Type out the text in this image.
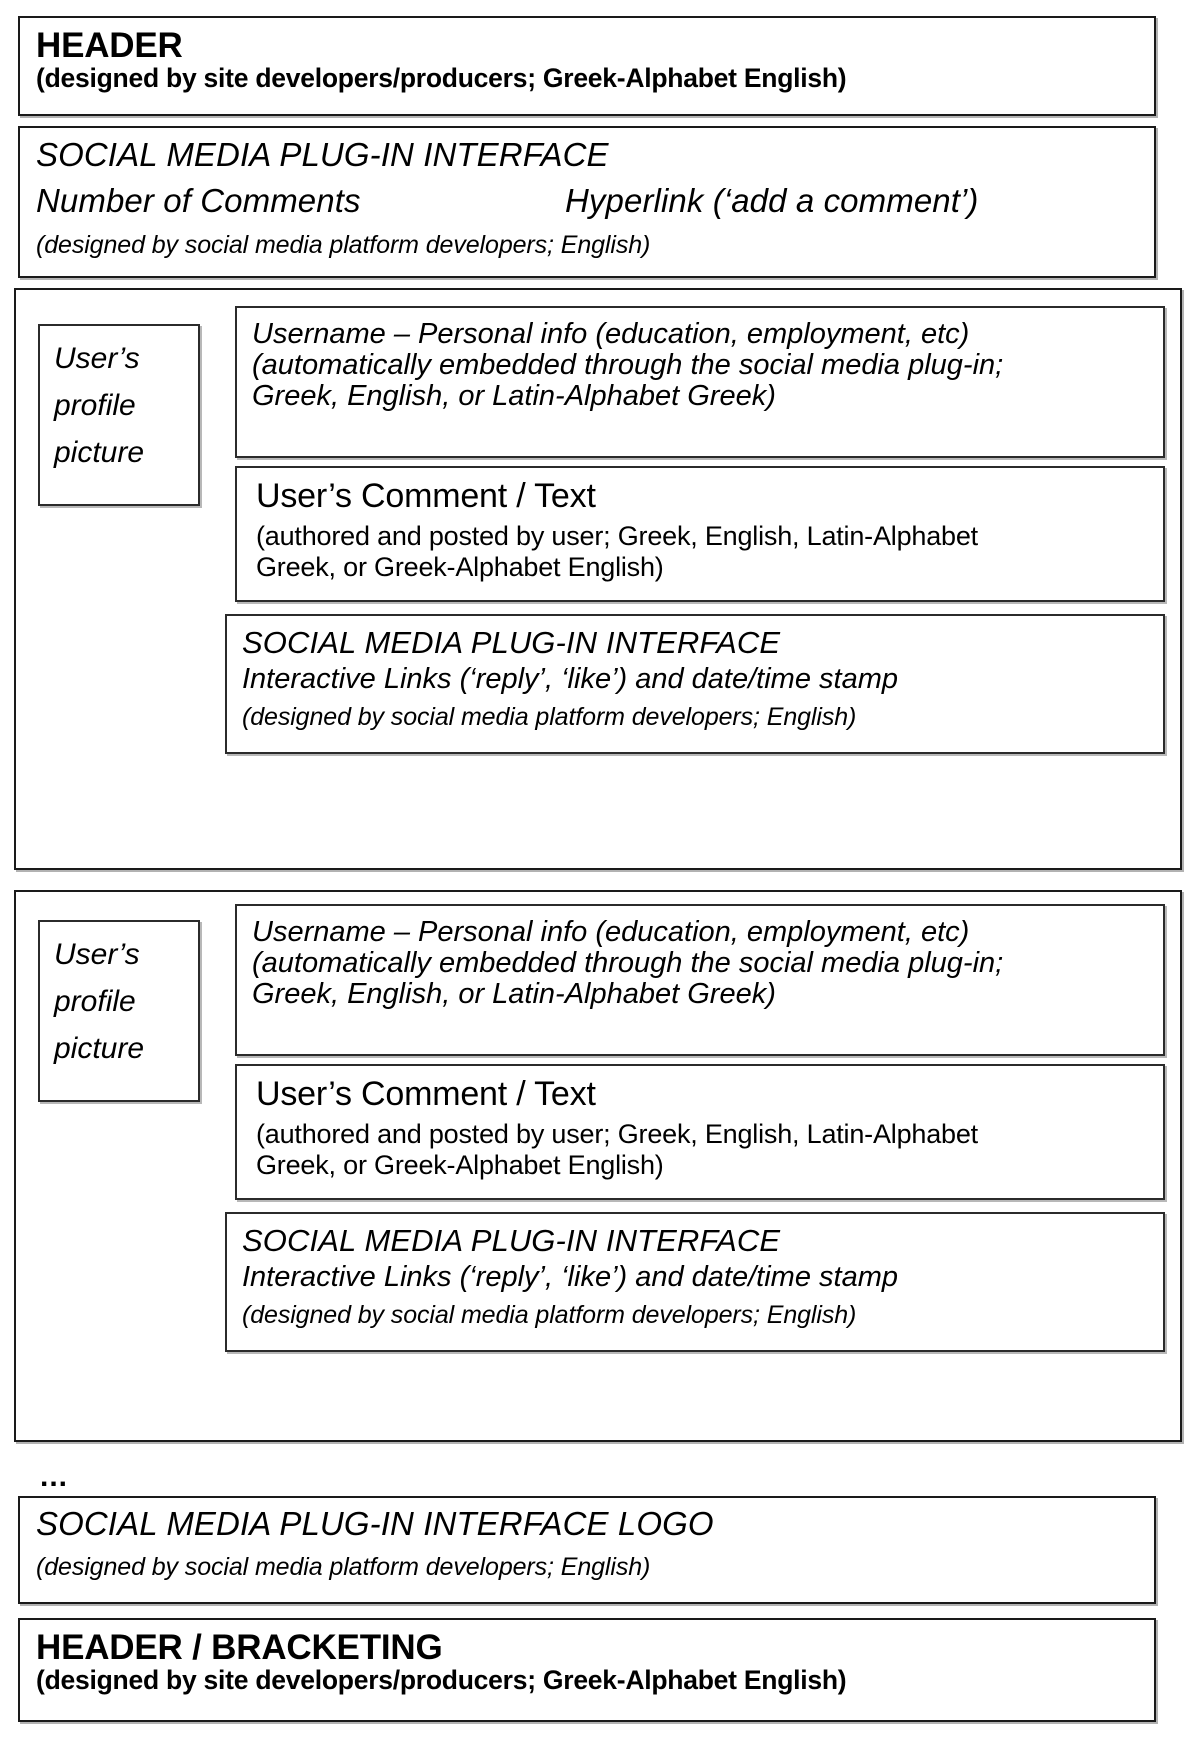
HEADER
(designed by site developers/producers; Greek-Alphabet English)
SOCIAL MEDIA PLUG-IN INTERFACE
Number of Comments	Hyperlink (‘add a comment’)
(designed by social media platform developers; English)
User’s
profile
picture
Username – Personal info (education, employment, etc)
(automatically embedded through the social media plug-in;
Greek, English, or Latin-Alphabet Greek)
User’s Comment / Text
(authored and posted by user; Greek, English, Latin-Alphabet
Greek, or Greek-Alphabet English)
SOCIAL MEDIA PLUG-IN INTERFACE
Interactive Links (‘reply’, ‘like’) and date/time stamp
(designed by social media platform developers; English)
User’s
profile
picture
Username – Personal info (education, employment, etc)
(automatically embedded through the social media plug-in;
Greek, English, or Latin-Alphabet Greek)
User’s Comment / Text
(authored and posted by user; Greek, English, Latin-Alphabet
Greek, or Greek-Alphabet English)
SOCIAL MEDIA PLUG-IN INTERFACE
Interactive Links (‘reply’, ‘like’) and date/time stamp
(designed by social media platform developers; English)
...
SOCIAL MEDIA PLUG-IN INTERFACE LOGO
(designed by social media platform developers; English)
HEADER / BRACKETING
(designed by site developers/producers; Greek-Alphabet English)
